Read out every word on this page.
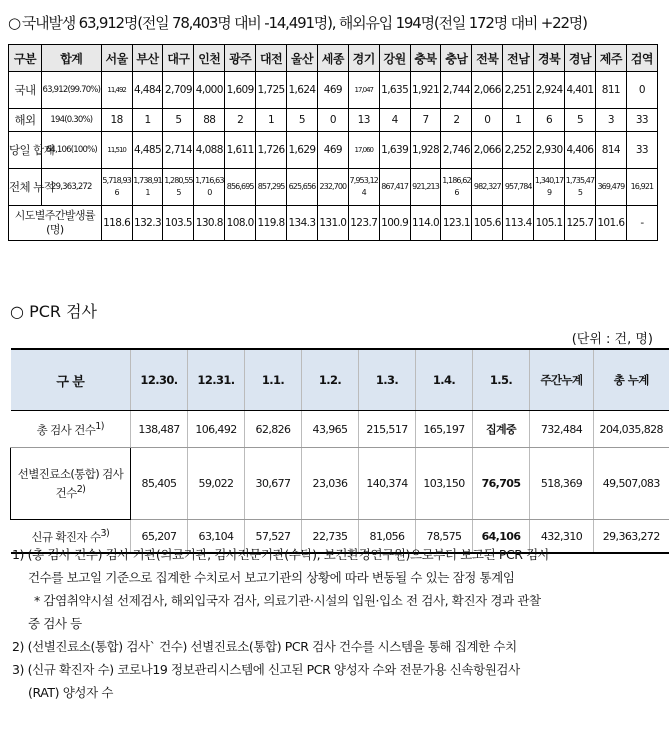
○ 국내발생 63,912명(전일 78,403명 대비 -14,491명), 해외유입 194명(전일 172명 대비 +22명)
구분	합계	서울	부산	대구	인천	광주	대전	울산	세종	경기	강원	충북	충남	전북	전남	경북	경남	제주	검역
국내	63,912(99.70%)	11,492	4,484	2,709	4,000	1,609	1,725	1,624	469	17,047	1,635	1,921	2,744	2,066	2,251	2,924	4,401	811	0
해외	194(0.30%)	18	1	5	88	2	1	5	0	13	4	7	2	0	1	6	5	3	33
당일 합계	64,106(100%)	11,510	4,485	2,714	4,088	1,611	1,726	1,629	469	17,060	1,639	1,928	2,746	2,066	2,252	2,930	4,406	814	33
전체 누적	29,363,272	5,718,936	1,738,911	1,280,555	1,716,630	856,695	857,295	625,656	232,700	7,953,124	867,417	921,213	1,186,626	982,327	957,784	1,340,179	1,735,475	369,479	16,921
시도별주간발생률(명)		118.6	132.3	103.5	130.8	108.0	119.8	134.3	131.0	123.7	100.9	114.0	123.1	105.6	113.4	105.1	125.7	101.6	-
○ PCR 검사
(단위 : 건, 명)
구 분	12.30.	12.31.	1.1.	1.2.	1.3.	1.4.	1.5.	주간누계	총 누계
총 검사 건수$^{1)}$	138,487	106,492	62,826	43,965	215,517	165,197	집계중	732,484	204,035,828
선별진료소(통합) 검사 건수$^{2)}$	85,405	59,022	30,677	23,036	140,374	103,150	76,705	518,369	49,507,083
신규 확진자 수$^{3)}$	65,207	63,104	57,527	22,735	81,056	78,575	64,106	432,310	29,363,272

1) (총 검사 건수) 검사 기관(의료기관, 검사전문기관(수탁), 보건환경연구원)으로부터 보고된 PCR 검사

건수를 보고일 기준으로 집계한 수치로서 보고기관의 상황에 따라 변동될 수 있는 잠정 통계임

* 감염취약시설 선제검사, 해외입국자 검사, 의료기관·시설의 입원·입소 전 검사, 확진자 경과 관찰

중 검사 등

2) (선별진료소(통합) 검사` 건수) 선별진료소(통합) PCR 검사 건수를 시스템을 통해 집계한 수치

3) (신규 확진자 수) 코로나19 정보관리시스템에 신고된 PCR 양성자 수와 전문가용 신속항원검사

(RAT) 양성자 수
